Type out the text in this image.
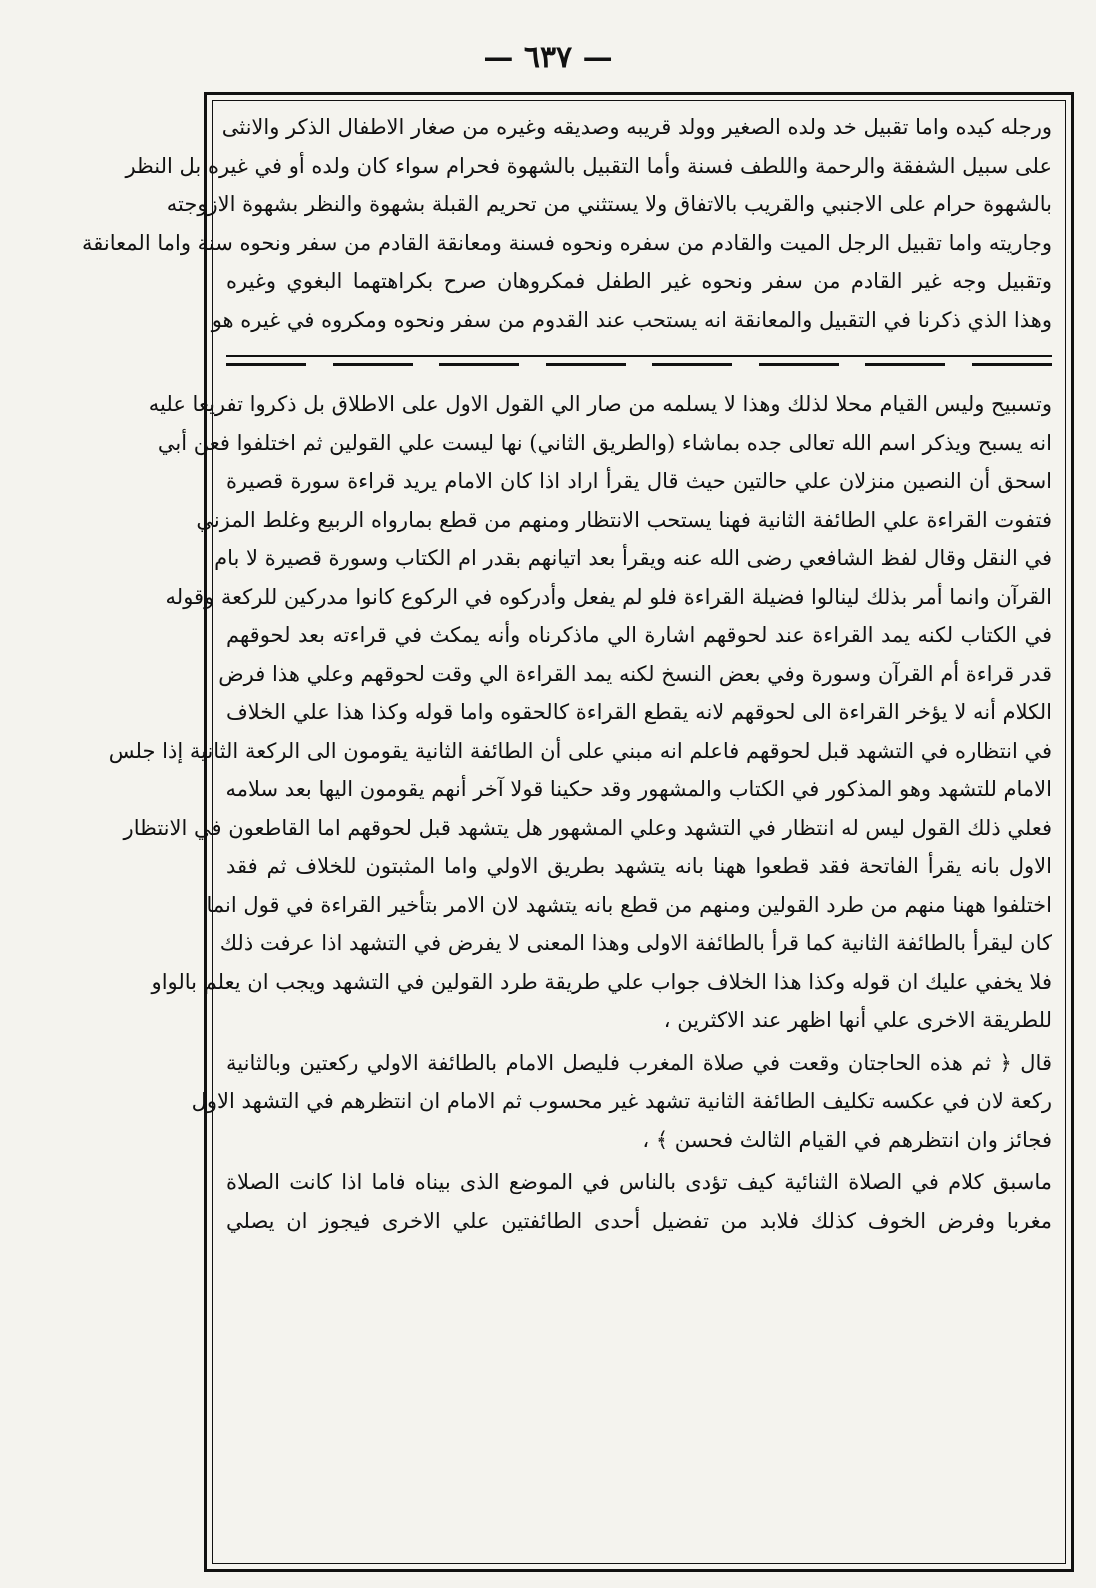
— ٦٣٧ —

ورجله كيده واما تقبيل خد ولده الصغير وولد قريبه وصديقه وغيره من صغار الاطفال الذكر والانثى

على سبيل الشفقة والرحمة واللطف فسنة وأما التقبيل بالشهوة فحرام سواء كان ولده أو في غيره بل النظر

بالشهوة حرام على الاجنبي والقريب بالاتفاق ولا يستثني من تحريم القبلة بشهوة والنظر بشهوة الازوجته

وجاريته واما تقبيل الرجل الميت والقادم من سفره ونحوه فسنة ومعانقة القادم من سفر ونحوه سنة واما المعانقة

وتقبيل وجه غير القادم من سفر ونحوه غير الطفل فمكروهان صرح بكراهتهما البغوي وغيره

وهذا الذي ذكرنا في التقبيل والمعانقة انه يستحب عند القدوم من سفر ونحوه ومكروه في غيره هو

وتسبيح وليس القيام محلا لذلك وهذا لا يسلمه من صار الي القول الاول على الاطلاق بل ذكروا تفريعا عليه

انه يسبح ويذكر اسم الله تعالى جده بماشاء (والطريق الثاني) نها ليست علي القولين ثم اختلفوا فعن أبي

اسحق أن النصين منزلان علي حالتين حيث قال يقرأ اراد اذا كان الامام يريد قراءة سورة قصيرة

فتفوت القراءة علي الطائفة الثانية فهنا يستحب الانتظار ومنهم من قطع بمارواه الربيع وغلط المزني

في النقل وقال لفظ الشافعي رضى الله عنه ويقرأ بعد اتيانهم بقدر ام الكتاب وسورة قصيرة لا بام

القرآن وانما أمر بذلك لينالوا فضيلة القراءة فلو لم يفعل وأدركوه في الركوع كانوا مدركين للركعة وقوله

في الكتاب لكنه يمد القراءة عند لحوقهم اشارة الي ماذكرناه وأنه يمكث في قراءته بعد لحوقهم

قدر قراءة أم القرآن وسورة وفي بعض النسخ لكنه يمد القراءة الي وقت لحوقهم وعلي هذا فرض

الكلام أنه لا يؤخر القراءة الى لحوقهم لانه يقطع القراءة كالحقوه واما قوله وكذا هذا علي الخلاف

في انتظاره في التشهد قبل لحوقهم فاعلم انه مبني على أن الطائفة الثانية يقومون الى الركعة الثانية إذا جلس

الامام للتشهد وهو المذكور في الكتاب والمشهور وقد حكينا قولا آخر أنهم يقومون اليها بعد سلامه

فعلي ذلك القول ليس له انتظار في التشهد وعلي المشهور هل يتشهد قبل لحوقهم اما القاطعون في الانتظار

الاول بانه يقرأ الفاتحة فقد قطعوا ههنا بانه يتشهد بطريق الاولي واما المثبتون للخلاف ثم فقد

اختلفوا ههنا منهم من طرد القولين ومنهم من قطع بانه يتشهد لان الامر بتأخير القراءة في قول انما

كان ليقرأ بالطائفة الثانية كما قرأ بالطائفة الاولى وهذا المعنى لا يفرض في التشهد اذا عرفت ذلك

فلا يخفي عليك ان قوله وكذا هذا الخلاف جواب علي طريقة طرد القولين في التشهد ويجب ان يعلم بالواو

للطريقة الاخرى علي أنها اظهر عند الاكثرين ،

قال ﴿ ثم هذه الحاجتان وقعت في صلاة المغرب فليصل الامام بالطائفة الاولي ركعتين وبالثانية

ركعة لان في عكسه تكليف الطائفة الثانية تشهد غير محسوب ثم الامام ان انتظرهم في التشهد الاول

فجائز وان انتظرهم في القيام الثالث فحسن ﴾ ،

ماسبق كلام في الصلاة الثنائية كيف تؤدى بالناس في الموضع الذى بيناه فاما اذا كانت الصلاة

مغربا وفرض الخوف كذلك فلابد من تفضيل أحدى الطائفتين علي الاخرى فيجوز ان يصلي
